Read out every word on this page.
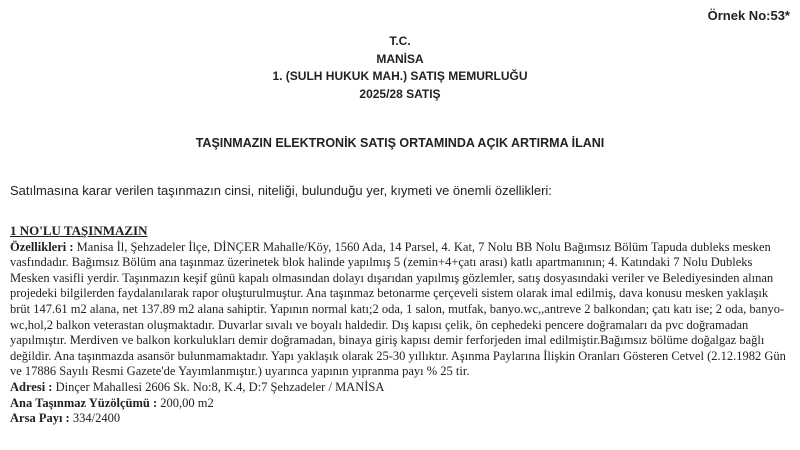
Örnek No:53*
T.C.
MANİSA
1. (SULH HUKUK MAH.) SATIŞ MEMURLUĞU
2025/28 SATIŞ
TAŞINMAZIN ELEKTRONİK SATIŞ ORTAMINDA AÇIK ARTIRMA İLANI
Satılmasına karar verilen taşınmazın cinsi, niteliği, bulunduğu yer, kıymeti ve önemli özellikleri:
1 NO'LU TAŞINMAZIN

Özellikleri : Manisa İl, Şehzadeler İlçe, DİNÇER Mahalle/Köy, 1560 Ada, 14 Parsel, 4. Kat, 7 Nolu BB Nolu Bağımsız Bölüm Tapuda dubleks mesken vasfındadır. Bağımsız Bölüm ana taşınmaz üzerinetek blok halinde yapılmış 5 (zemin+4+çatı arası) katlı apartmanının; 4. Katındaki 7 Nolu Dubleks Mesken vasifli yerdir. Taşınmazın keşif günü kapalı olmasından dolayı dışarıdan yapılmış gözlemler, satış dosyasındaki veriler ve Belediyesinden alınan projedeki bilgilerden faydalanılarak rapor oluşturulmuştur. Ana taşınmaz betonarme çerçeveli sistem olarak imal edilmiş, dava konusu mesken yaklaşık brüt 147.61 m2 alana, net 137.89 m2 alana sahiptir. Yapının normal katı;2 oda, 1 salon, mutfak, banyo.wc,,antreve 2 balkondan; çatı katı ise; 2 oda, banyo-wc,hol,2 balkon veterastan oluşmaktadır. Duvarlar sıvalı ve boyalı haldedir. Dış kapısı çelik, ön cephedeki pencere doğramaları da pvc doğramadan yapılmıştır. Merdiven ve balkon korkulukları demir doğramadan, binaya giriş kapısı demir ferforjeden imal edilmiştir.Bağımsız bölüme doğalgaz bağlı değildir. Ana taşınmazda asansör bulunmamaktadır. Yapı yaklaşık olarak 25-30 yıllıktır. Aşınma Paylarına İlişkin Oranları Gösteren Cetvel (2.12.1982 Gün ve 17886 Sayılı Resmi Gazete'de Yayımlanmıştır.) uyarınca yapının yıpranma payı % 25 tir.

Adresi : Dinçer Mahallesi 2606 Sk. No:8, K.4, D:7 Şehzadeler / MANİSA

Ana Taşınmaz Yüzölçümü : 200,00 m2

Arsa Payı : 334/2400
